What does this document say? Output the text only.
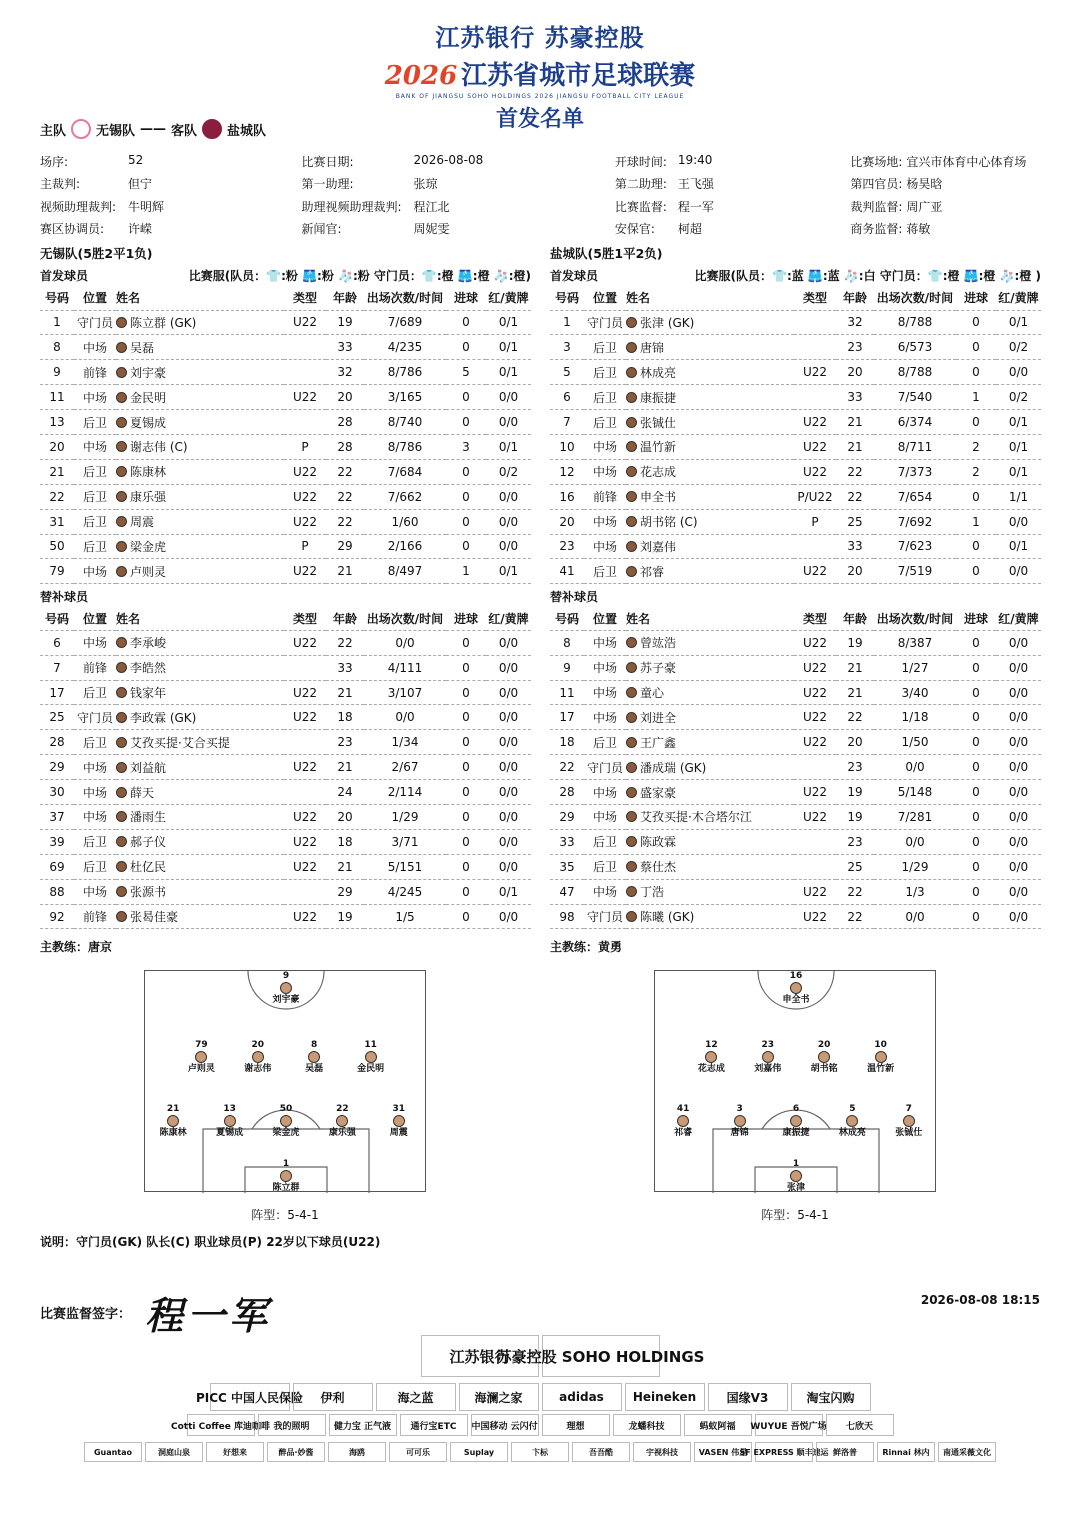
江苏银行 苏豪控股
2026 江苏省城市足球联赛
BANK OF JIANGSU SOHO HOLDINGS 2026 JIANGSU FOOTBALL CITY LEAGUE
首发名单
主队 无锡队 —— 客队 盐城队
场序:	52	比赛日期:	2026-08-08	开球时间: 19:40	比赛场地: 宜兴市体育中心体育场
主裁判:	但宁	第一助理:	张琼	第二助理: 王飞强	第四官员: 杨昊晗
视频助理裁判: 牛明辉	助理视频助理裁判: 程江北	比赛监督: 程一军	裁判监督: 周广亚
赛区协调员:	许嵘	新闻官:	周妮雯	安保官:	柯超	商务监督: 蒋敏
无锡队(5胜2平1负)
首发球员	比赛服(队员：👕:粉 🩳:粉 🧦:粉 守门员：👕:橙 🩳:橙 🧦:橙)
号码	位置	姓名	类型	年龄	出场次数/时间	进球	红/黄牌
1	守门员	陈立群 (GK)	U22	19	7/689	0	0/1
8	中场	吴磊		33	4/235	0	0/1
9	前锋	刘宇豪		32	8/786	5	0/1
11	中场	金民明	U22	20	3/165	0	0/0
13	后卫	夏锡成		28	8/740	0	0/0
20	中场	谢志伟 (C)	P	28	8/786	3	0/1
21	后卫	陈康林	U22	22	7/684	0	0/2
22	后卫	康乐强	U22	22	7/662	0	0/0
31	后卫	周震	U22	22	1/60	0	0/0
50	后卫	梁金虎	P	29	2/166	0	0/0
79	中场	卢则灵	U22	21	8/497	1	0/1
替补球员
号码	位置	姓名	类型	年龄	出场次数/时间	进球	红/黄牌
6	中场	李承峻	U22	22	0/0	0	0/0
7	前锋	李皓然		33	4/111	0	0/0
17	后卫	钱家年	U22	21	3/107	0	0/0
25	守门员	李政霖 (GK)	U22	18	0/0	0	0/0
28	后卫	艾孜买提·艾合买提		23	1/34	0	0/0
29	中场	刘益航	U22	21	2/67	0	0/0
30	中场	薛天		24	2/114	0	0/0
37	中场	潘雨生	U22	20	1/29	0	0/0
39	后卫	郝子仪	U22	18	3/71	0	0/0
69	后卫	杜亿民	U22	21	5/151	0	0/0
88	中场	张源书		29	4/245	0	0/1
92	前锋	张曷佳豪	U22	19	1/5	0	0/0
主教练：唐京
盐城队(5胜1平2负)
首发球员	比赛服(队员：👕:蓝 🩳:蓝 🧦:白 守门员：👕:橙 🩳:橙 🧦:橙 )
号码	位置	姓名	类型	年龄	出场次数/时间	进球	红/黄牌
1	守门员	张津 (GK)		32	8/788	0	0/1
3	后卫	唐锦		23	6/573	0	0/2
5	后卫	林成亮	U22	20	8/788	0	0/0
6	后卫	康振捷		33	7/540	1	0/2
7	后卫	张铖仕	U22	21	6/374	0	0/1
10	中场	温竹新	U22	21	8/711	2	0/1
12	中场	花志成	U22	22	7/373	2	0/1
16	前锋	申全书	P/U22	22	7/654	0	1/1
20	中场	胡书铭 (C)	P	25	7/692	1	0/0
23	中场	刘嘉伟		33	7/623	0	0/1
41	后卫	祁睿	U22	20	7/519	0	0/0
替补球员
号码	位置	姓名	类型	年龄	出场次数/时间	进球	红/黄牌
8	中场	曾竑浩	U22	19	8/387	0	0/0
9	中场	苏子豪	U22	21	1/27	0	0/0
11	中场	童心	U22	21	3/40	0	0/0
17	中场	刘进全	U22	22	1/18	0	0/0
18	后卫	王广鑫	U22	20	1/50	0	0/0
22	守门员	潘成瑞 (GK)		23	0/0	0	0/0
28	中场	盛家豪	U22	19	5/148	0	0/0
29	中场	艾孜买提·木合塔尔江	U22	19	7/281	0	0/0
33	后卫	陈政霖		23	0/0	0	0/0
35	后卫	蔡仕杰		25	1/29	0	0/0
47	中场	丁浩	U22	22	1/3	0	0/0
98	守门员	陈曦 (GK)	U22	22	0/0	0	0/0
主教练：黄勇
9
刘宇豪
79
卢则灵
20
谢志伟
8
吴磊
11
金民明
21
陈康林
13
夏锡成
50
梁金虎
22
康乐强
31
周震
1
陈立群
16
申全书
12
花志成
23
刘嘉伟
20
胡书铭
10
温竹新
41
祁睿
3
唐锦
6
康振捷
5
林成亮
7
张铖仕
1
张津
阵型：5-4-1	阵型：5-4-1
说明：守门员(GK) 队长(C) 职业球员(P) 22岁以下球员(U22)
比赛监督签字： 程一军	2026-08-08 18:15
江苏银行
苏豪控股 SOHO HOLDINGS
PICC 中国人民保险	伊利	海之蓝	海澜之家	adidas	Heineken	国缘V3	淘宝闪购
Cotti Coffee 库迪咖啡 我的照明	健力宝 正气液	通行宝ETC	中国移动 云闪付	理想	龙蟠科技	蚂蚁阿福	WUYUE 吾悦广场	七欣天
Guantao	洞庭山泉	好想来	醉品·妙酱	海鸥	可可乐	Suplay	卞标	吾吾酷	宇视科技	VASEN 伟星
SF EXPRESS 顺丰速运 鲜洛普	Rinnai 林内	南通采薇文化
